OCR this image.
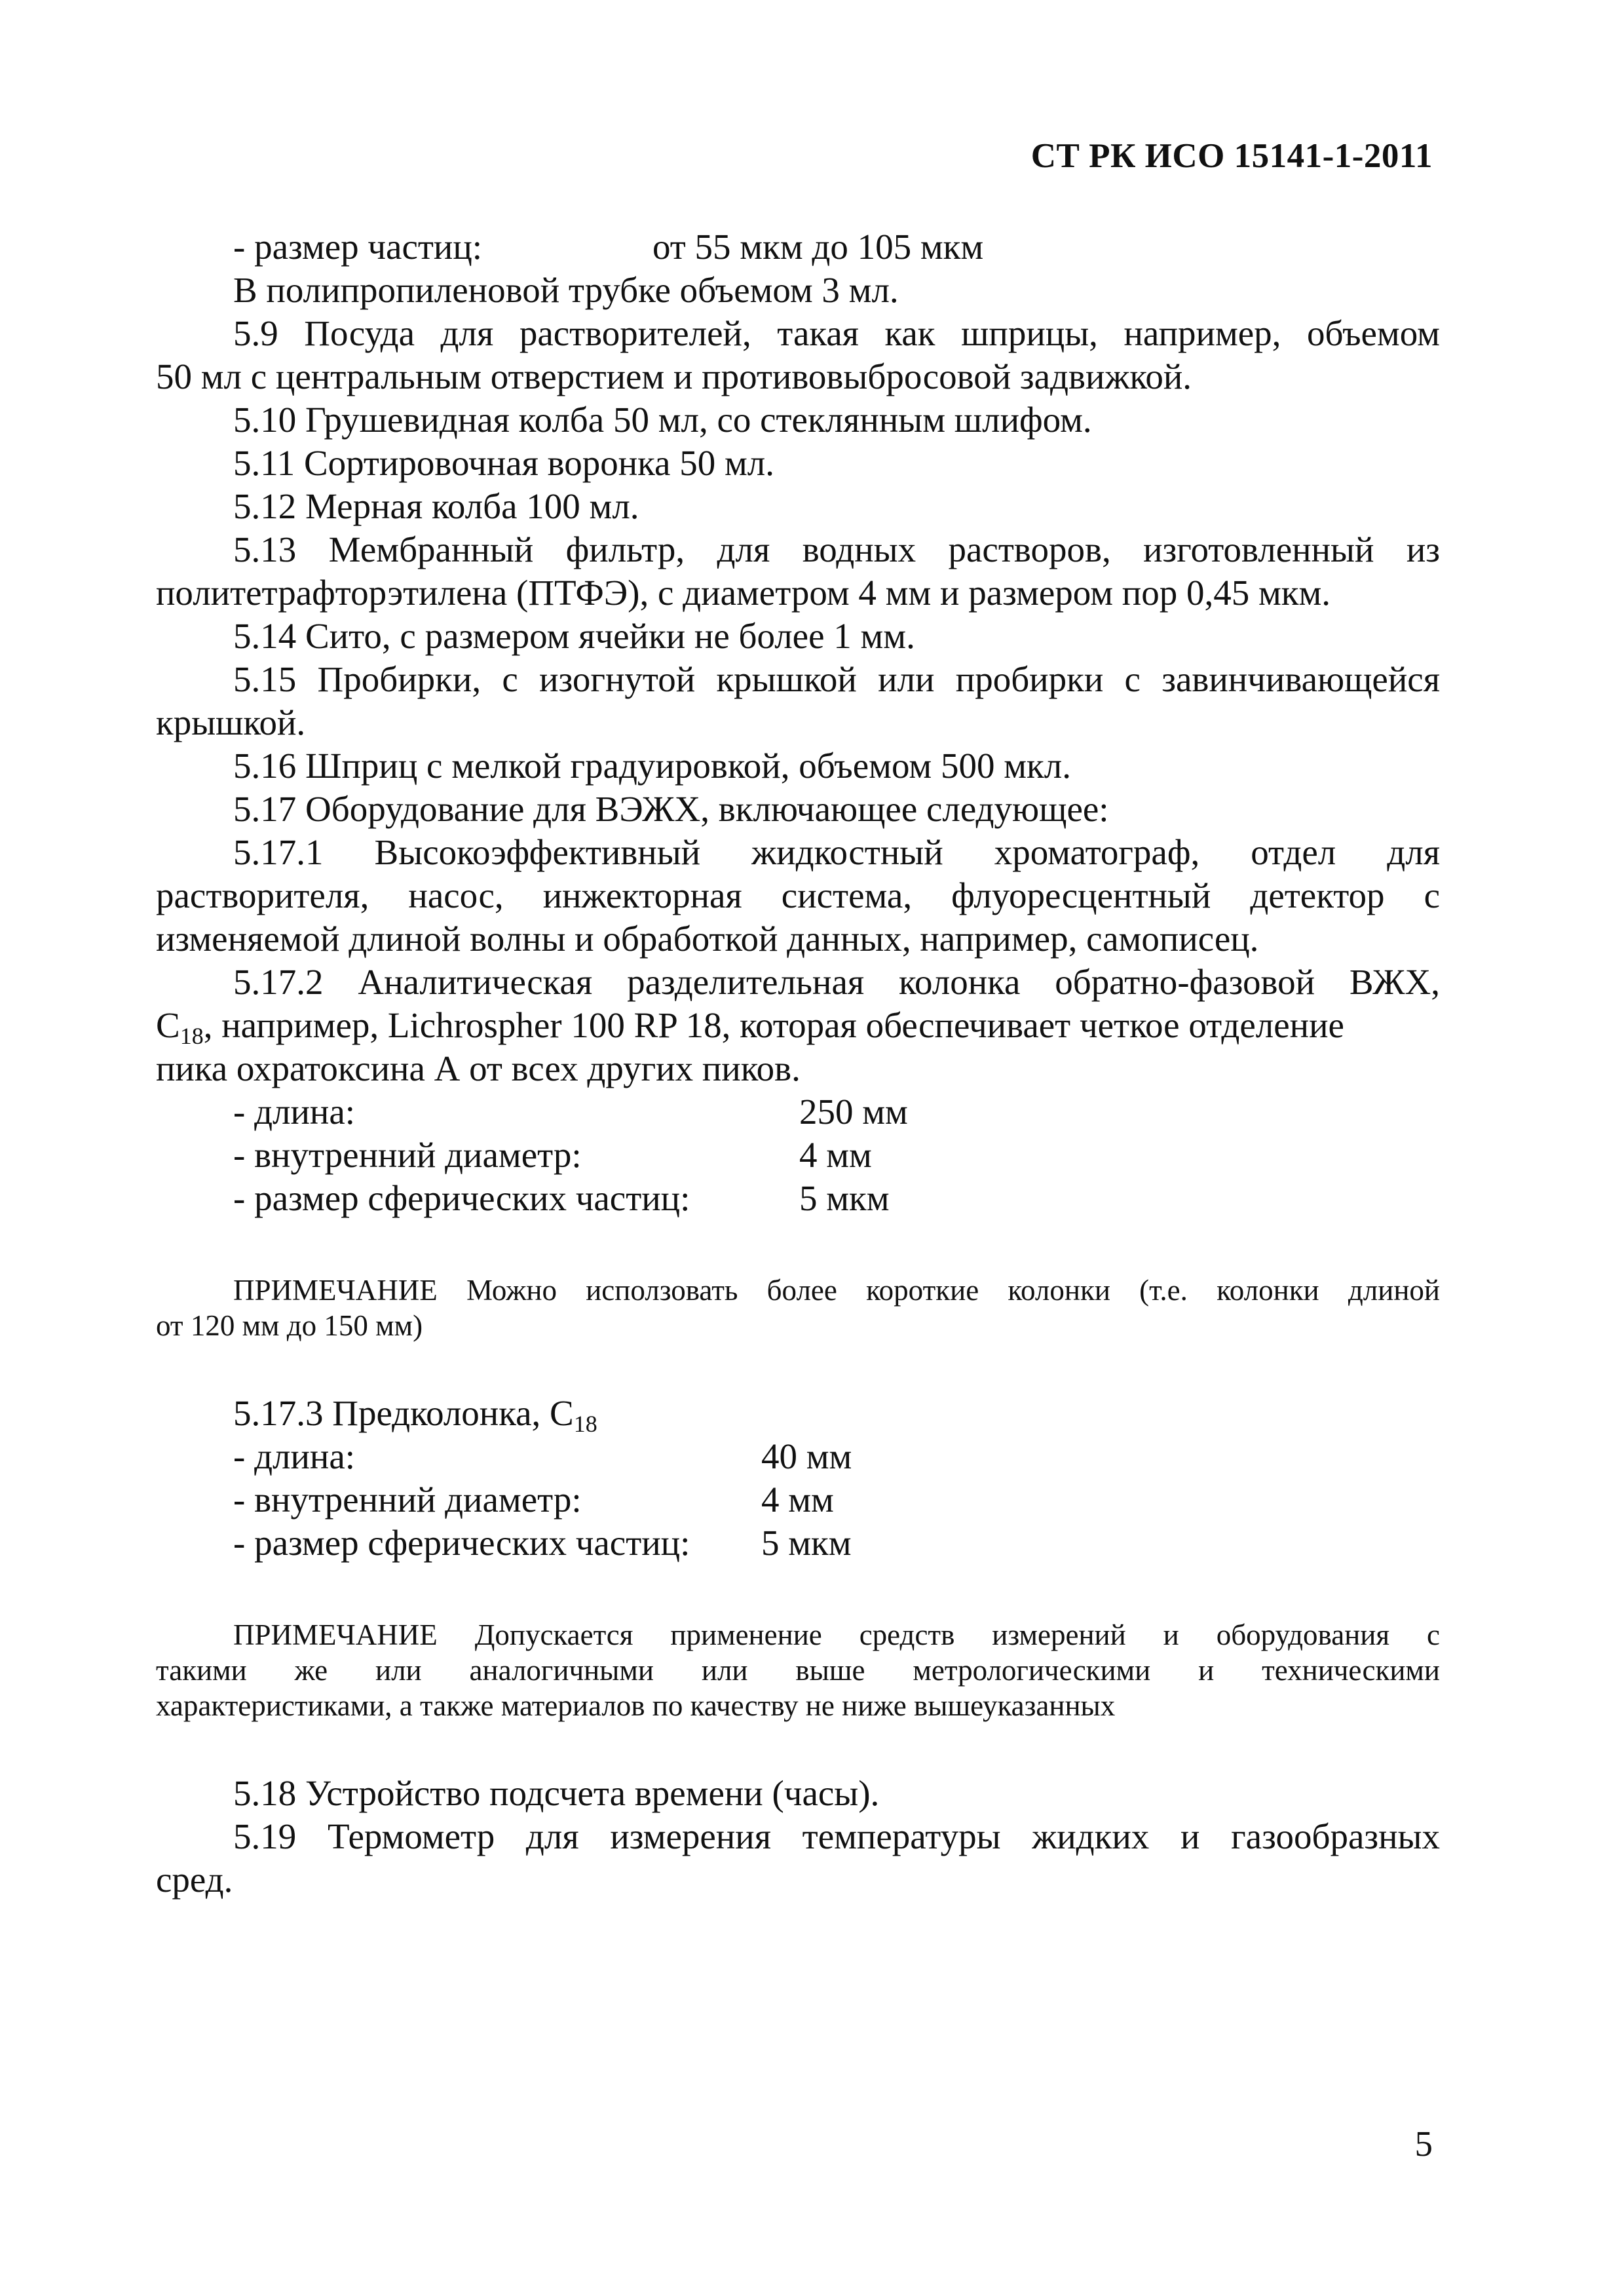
СТ РК ИСО 15141-1-2011
- размер частиц:	от 55 мкм до 105 мкм
В полипропиленовой трубке объемом 3 мл.
5.9 Посуда для растворителей, такая как шприцы, например, объемом
50 мл с центральным отверстием и противовыбросовой задвижкой.
5.10 Грушевидная колба 50 мл, со стеклянным шлифом.
5.11 Сортировочная воронка 50 мл.
5.12 Мерная колба 100 мл.
5.13 Мембранный фильтр, для водных растворов, изготовленный из
политетрафторэтилена (ПТФЭ), с диаметром 4 мм и размером пор 0,45 мкм.
5.14 Сито, с размером ячейки не более 1 мм.
5.15 Пробирки, с изогнутой крышкой или пробирки с завинчивающейся
крышкой.
5.16 Шприц с мелкой градуировкой, объемом 500 мкл.
5.17 Оборудование для ВЭЖХ, включающее следующее:
5.17.1 Высокоэффективный жидкостный хроматограф, отдел для
растворителя, насос, инжекторная система, флуоресцентный детектор с
изменяемой длиной волны и обработкой данных, например, самописец.
5.17.2 Аналитическая разделительная колонка обратно-фазовой ВЖХ,
$С_{18}$, например, Lichrospher 100 RP 18, которая обеспечивает четкое отделение
пика охратоксина А от всех других пиков.
- длина:	250 мм
- внутренний диаметр:	4 мм
- размер сферических частиц:	5 мкм
ПРИМЕЧАНИЕ Можно исползовать более короткие колонки (т.е. колонки длиной
от 120 мм до 150 мм)
5.17.3 Предколонка, $С_{18}$
- длина:	40 мм
- внутренний диаметр:	4 мм
- размер сферических частиц: 5 мкм
ПРИМЕЧАНИЕ Допускается применение средств измерений и оборудования с
такими же или аналогичными или выше метрологическими и техническими
характеристиками, а также материалов по качеству не ниже вышеуказанных
5.18 Устройство подсчета времени (часы).
5.19 Термометр для измерения температуры жидких и газообразных
сред.
5
